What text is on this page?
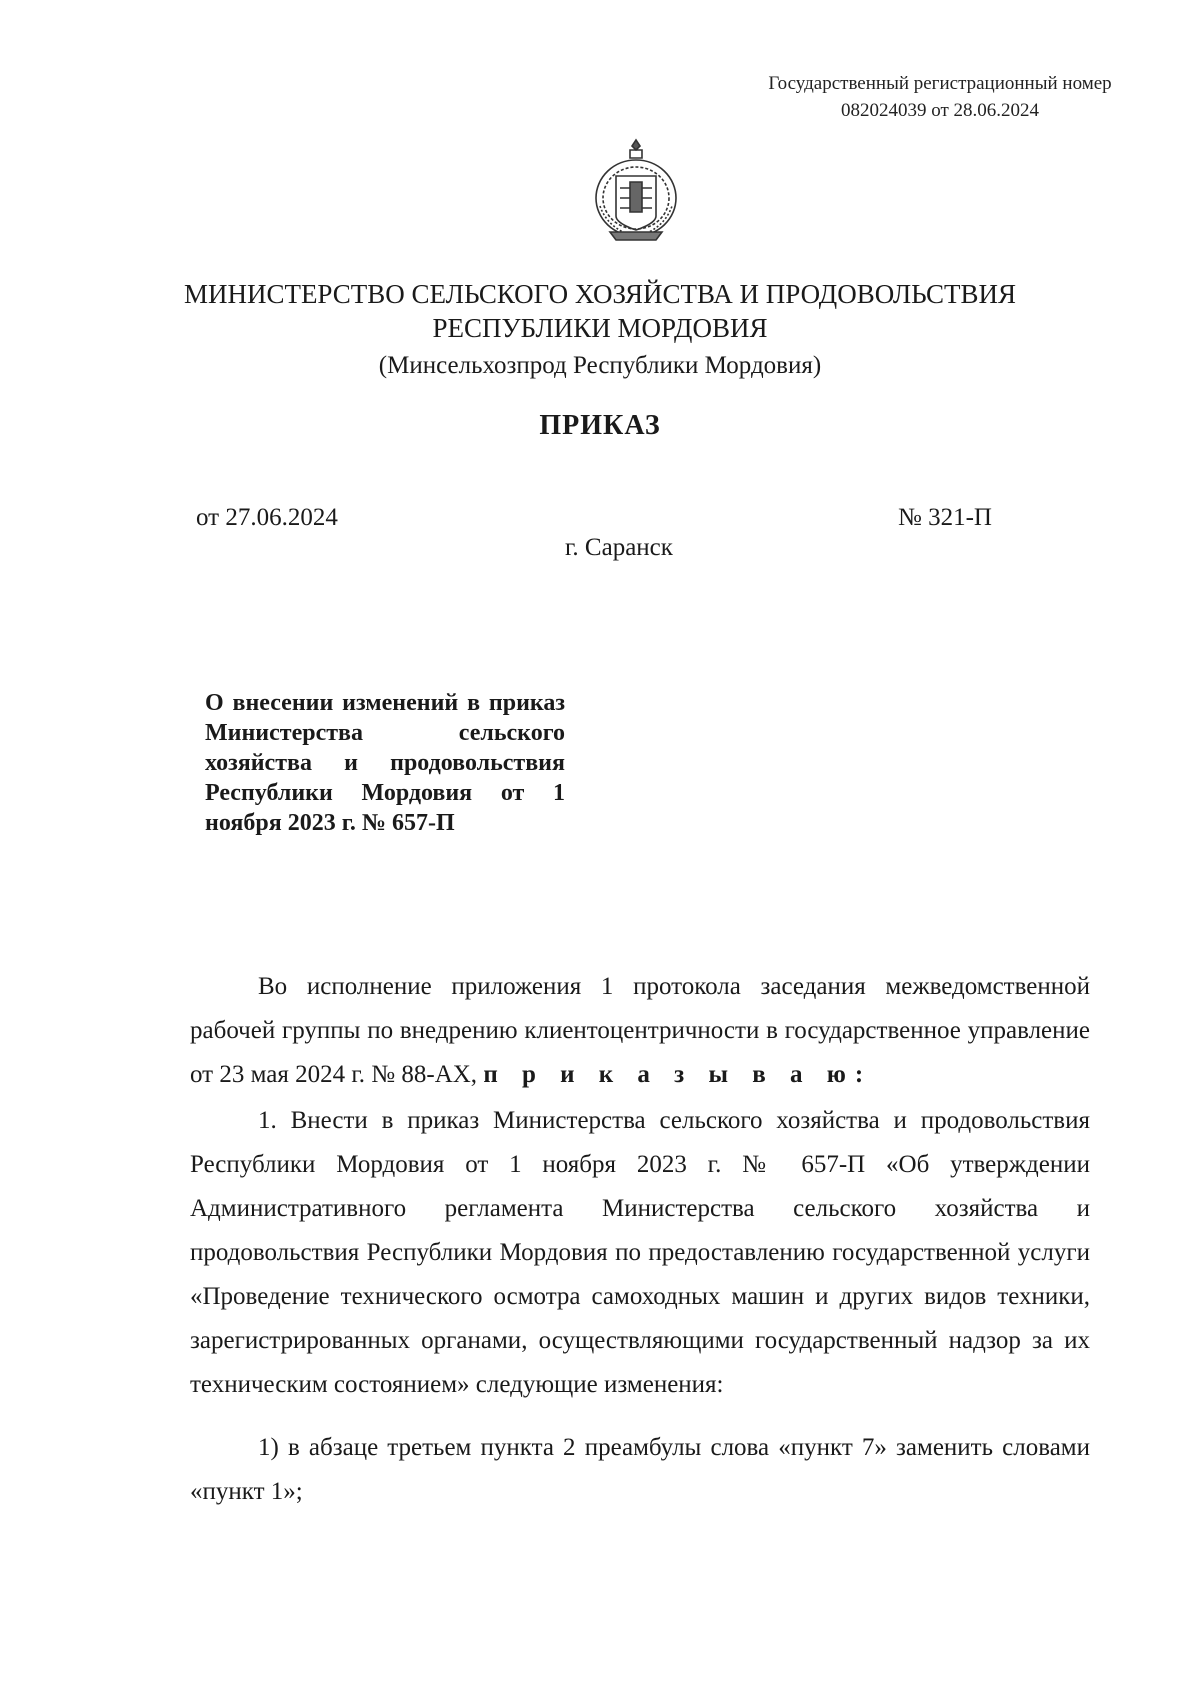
Государственный регистрационный номер
082024039 от 28.06.2024
МИНИСТЕРСТВО СЕЛЬСКОГО ХОЗЯЙСТВА И ПРОДОВОЛЬСТВИЯ
РЕСПУБЛИКИ МОРДОВИЯ
(Минсельхозпрод Республики Мордовия)
ПРИКАЗ
от 27.06.2024	№ 321-П
г. Саранск
О внесении изменений в приказ Министерства сельского хозяйства и продовольствия Республики Мордовия от 1 ноября 2023 г. № 657-П

Во исполнение приложения 1 протокола заседания межведомственной рабочей группы по внедрению клиентоцентричности в государственное управление от 23 мая 2024 г. № 88-АХ, п р и к а з ы в а ю:

1. Внести в приказ Министерства сельского хозяйства и продовольствия Республики Мордовия от 1 ноября 2023 г. № 657-П «Об утверждении Административного регламента Министерства сельского хозяйства и продовольствия Республики Мордовия по предоставлению государственной услуги «Проведение технического осмотра самоходных машин и других видов техники, зарегистрированных органами, осуществляющими государственный надзор за их техническим состоянием» следующие изменения:

1) в абзаце третьем пункта 2 преамбулы слова «пункт 7» заменить словами «пункт 1»;
